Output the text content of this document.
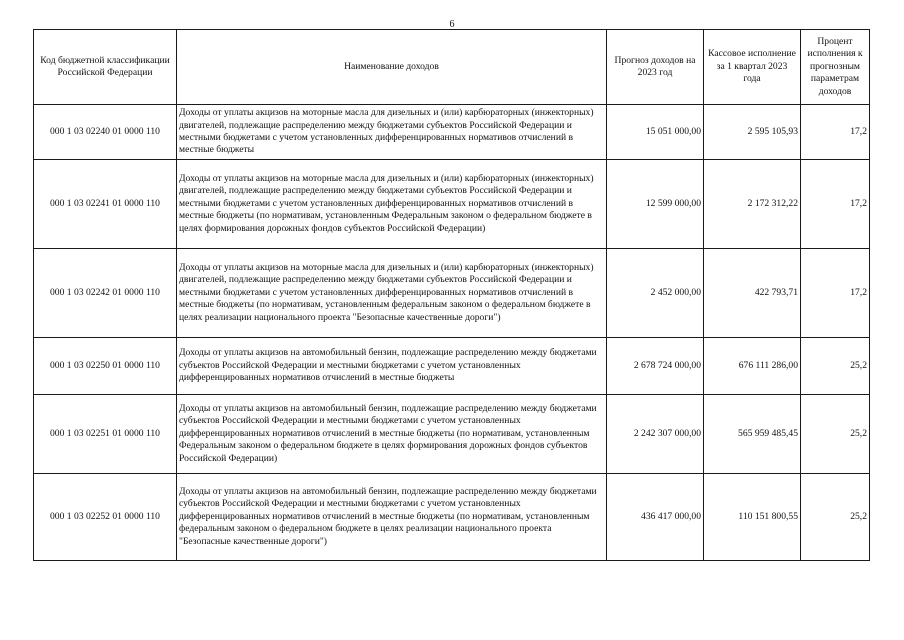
6
Код бюджетной классификации Российской Федерации	Наименование доходов	Прогноз доходов на 2023 год	Кассовое исполнение за 1 квартал 2023 года	Процент исполнения к прогнозным параметрам доходов
000 1 03 02240 01 0000 110	Доходы от уплаты акцизов на моторные масла для дизельных и (или) карбюраторных (инжекторных) двигателей, подлежащие распределению между бюджетами субъектов Российской Федерации и местными бюджетами с учетом установленных дифференцированных нормативов отчислений в местные бюджеты	15 051 000,00	2 595 105,93	17,2
000 1 03 02241 01 0000 110	Доходы от уплаты акцизов на моторные масла для дизельных и (или) карбюраторных (инжекторных) двигателей, подлежащие распределению между бюджетами субъектов Российской Федерации и местными бюджетами с учетом установленных дифференцированных нормативов отчислений в местные бюджеты (по нормативам, установленным Федеральным законом о федеральном бюджете в целях формирования дорожных фондов субъектов Российской Федерации)	12 599 000,00	2 172 312,22	17,2
000 1 03 02242 01 0000 110	Доходы от уплаты акцизов на моторные масла для дизельных и (или) карбюраторных (инжекторных) двигателей, подлежащие распределению между бюджетами субъектов Российской Федерации и местными бюджетами с учетом установленных дифференцированных нормативов отчислений в местные бюджеты (по нормативам, установленным федеральным законом о федеральном бюджете в целях реализации национального проекта "Безопасные качественные дороги")	2 452 000,00	422 793,71	17,2
000 1 03 02250 01 0000 110	Доходы от уплаты акцизов на автомобильный бензин, подлежащие распределению между бюджетами субъектов Российской Федерации и местными бюджетами с учетом установленных дифференцированных нормативов отчислений в местные бюджеты	2 678 724 000,00	676 111 286,00	25,2
000 1 03 02251 01 0000 110	Доходы от уплаты акцизов на автомобильный бензин, подлежащие распределению между бюджетами субъектов Российской Федерации и местными бюджетами с учетом установленных дифференцированных нормативов отчислений в местные бюджеты (по нормативам, установленным Федеральным законом о федеральном бюджете в целях формирования дорожных фондов субъектов Российской Федерации)	2 242 307 000,00	565 959 485,45	25,2
000 1 03 02252 01 0000 110	Доходы от уплаты акцизов на автомобильный бензин, подлежащие распределению между бюджетами субъектов Российской Федерации и местными бюджетами с учетом установленных дифференцированных нормативов отчислений в местные бюджеты (по нормативам, установленным федеральным законом о федеральном бюджете в целях реализации национального проекта "Безопасные качественные дороги")	436 417 000,00	110 151 800,55	25,2
